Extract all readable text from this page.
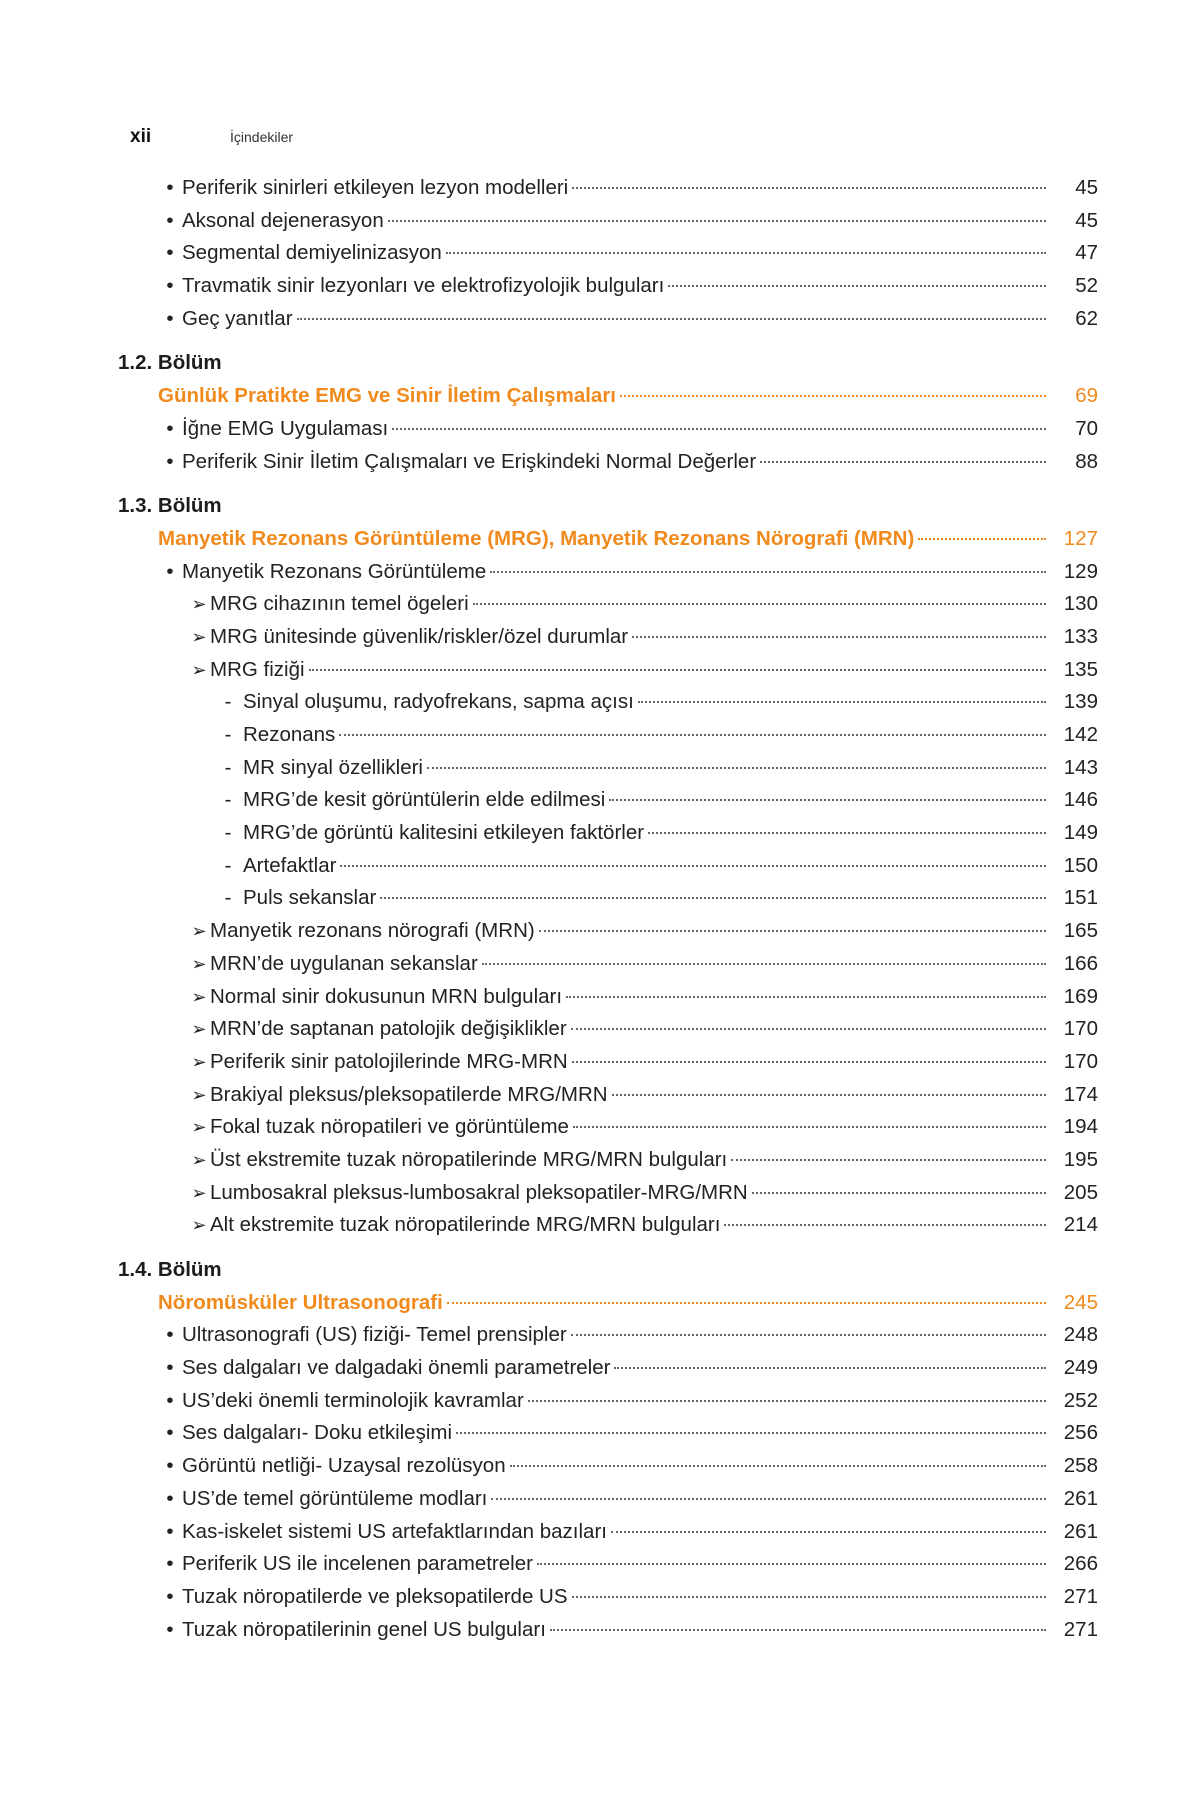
xii	İçindekiler
• Periferik sinirleri etkileyen lezyon modelleri	45
• Aksonal dejenerasyon	45
• Segmental demiyelinizasyon	47
• Travmatik sinir lezyonları ve elektrofizyolojik bulguları	52
• Geç yanıtlar	62
1.2. Bölüm
Günlük Pratikte EMG ve Sinir İletim Çalışmaları	69
• İğne EMG Uygulaması	70
• Periferik Sinir İletim Çalışmaları ve Erişkindeki Normal Değerler	88
1.3. Bölüm
Manyetik Rezonans Görüntüleme (MRG), Manyetik Rezonans Nörografi (MRN)	127
• Manyetik Rezonans Görüntüleme	129
➢ MRG cihazının temel ögeleri	130
➢ MRG ünitesinde güvenlik/riskler/özel durumlar	133
➢ MRG fiziği	135
- Sinyal oluşumu, radyofrekans, sapma açısı	139
- Rezonans	142
- MR sinyal özellikleri	143
- MRG’de kesit görüntülerin elde edilmesi	146
- MRG’de görüntü kalitesini etkileyen faktörler	149
- Artefaktlar	150
- Puls sekanslar	151
➢ Manyetik rezonans nörografi (MRN)	165
➢ MRN’de uygulanan sekanslar	166
➢ Normal sinir dokusunun MRN bulguları	169
➢ MRN’de saptanan patolojik değişiklikler	170
➢ Periferik sinir patolojilerinde MRG-MRN	170
➢ Brakiyal pleksus/pleksopatilerde MRG/MRN	174
➢ Fokal tuzak nöropatileri ve görüntüleme	194
➢ Üst ekstremite tuzak nöropatilerinde MRG/MRN bulguları	195
➢ Lumbosakral pleksus-lumbosakral pleksopatiler-MRG/MRN	205
➢ Alt ekstremite tuzak nöropatilerinde MRG/MRN bulguları	214
1.4. Bölüm
Nöromüsküler Ultrasonografi	245
• Ultrasonografi (US) fiziği- Temel prensipler	248
• Ses dalgaları ve dalgadaki önemli parametreler	249
• US’deki önemli terminolojik kavramlar	252
• Ses dalgaları- Doku etkileşimi	256
• Görüntü netliği- Uzaysal rezolüsyon	258
• US’de temel görüntüleme modları	261
• Kas-iskelet sistemi US artefaktlarından bazıları	261
• Periferik US ile incelenen parametreler	266
• Tuzak nöropatilerde ve pleksopatilerde US	271
• Tuzak nöropatilerinin genel US bulguları	271
